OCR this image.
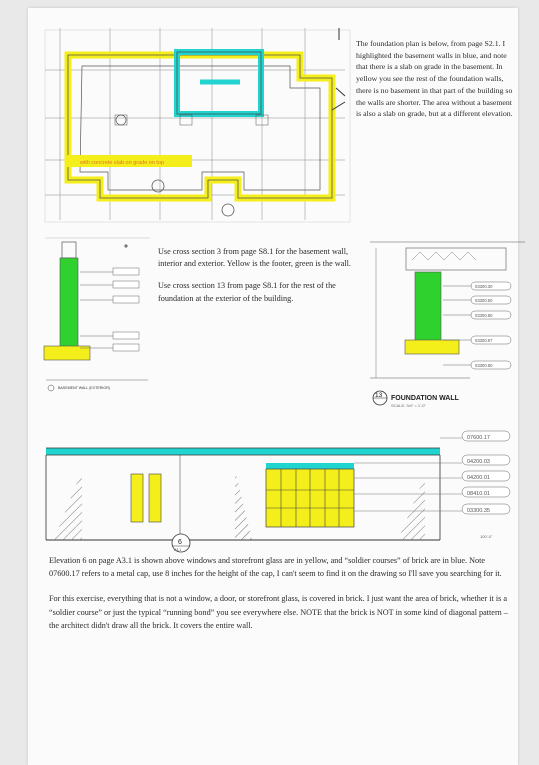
with concrete slab on grade on top
BASEMENT WALL (EXTERIOR)
03300.30
03300.50
03300.80
03300.87
03300.60
13 FOUNDATION WALL
SCALE: 3/4" = 1'-0"
07600.17
04200.03
04200.01
08410.01
03300.35
100'-0"
6
A3.1
The foundation plan is below, from page S2.1. I highlighted the basement walls in blue, and note that there is a slab on grade in the basement. In yellow you see the rest of the foundation walls, there is no basement in that part of the building so the walls are shorter. The area without a basement is also a slab on grade, but at a different elevation.

Use cross section 3 from page S8.1 for the basement wall, interior and exterior. Yellow is the footer, green is the wall.

Use cross section 13 from page S8.1 for the rest of the foundation at the exterior of the building.

Elevation 6 on page A3.1 is shown above windows and storefront glass are in yellow, and “soldier courses” of brick are in blue. Note 07600.17 refers to a metal cap, use 8 inches for the height of the cap, I can't seem to find it on the drawing so I'll save you searching for it.

For this exercise, everything that is not a window, a door, or storefront glass, is covered in brick. I just want the area of brick, whether it is a “soldier course” or just the typical “running bond” you see everywhere else. NOTE that the brick is NOT in some kind of diagonal pattern – the architect didn't draw all the brick. It covers the entire wall.
